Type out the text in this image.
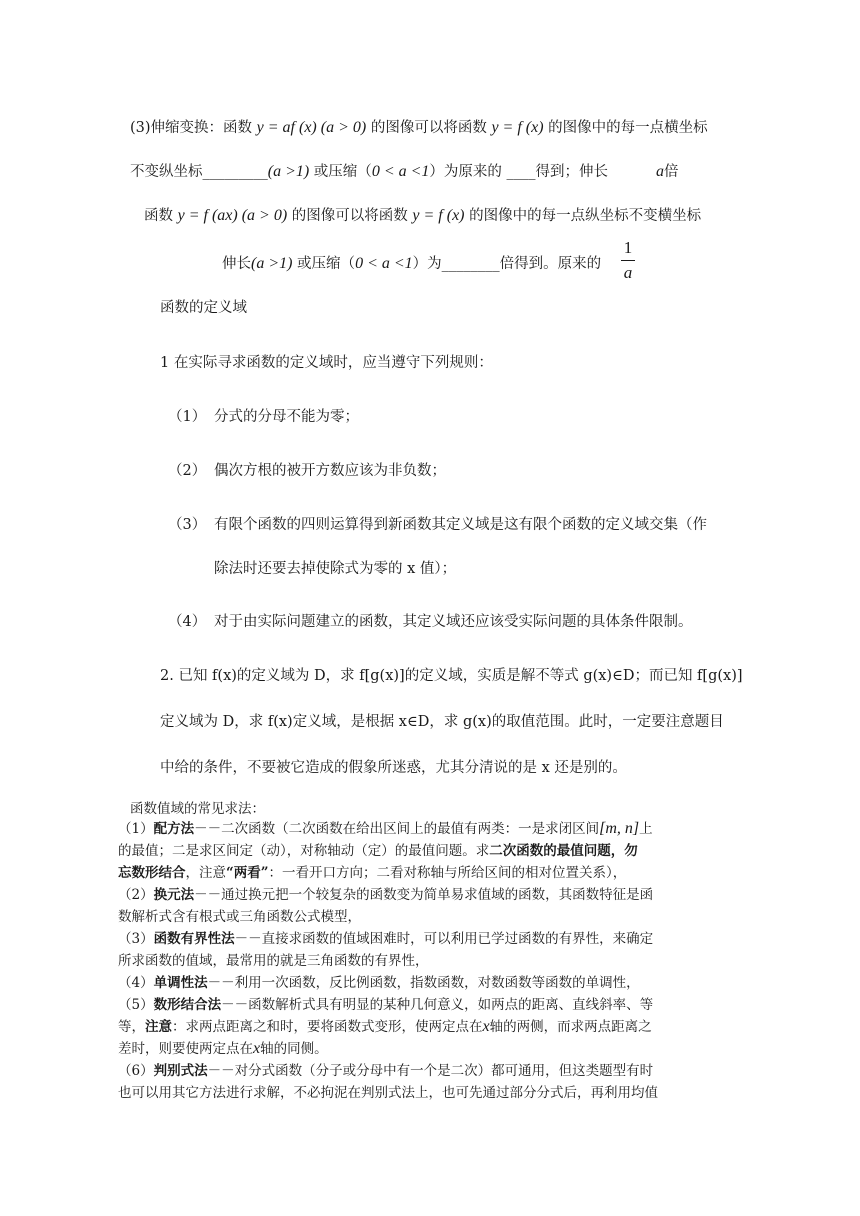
(3)伸缩变换：函数 y = af (x) (a > 0) 的图像可以将函数 y = f (x) 的图像中的每一点横坐标
不变纵坐标_________(a >1) 或压缩（0 < a <1）为原来的 ____得到；伸长	a倍
函数 y = f (ax) (a > 0) 的图像可以将函数 y = f (x) 的图像中的每一点纵坐标不变横坐标
伸长(a >1) 或压缩（0 < a <1）为________倍得到。原来的
1
a
函数的定义域
1 在实际寻求函数的定义域时，应当遵守下列规则：
（1） 分式的分母不能为零；
（2） 偶次方根的被开方数应该为非负数；
（3） 有限个函数的四则运算得到新函数其定义域是这有限个函数的定义域交集（作
除法时还要去掉使除式为零的 x 值）；
（4） 对于由实际问题建立的函数，其定义域还应该受实际问题的具体条件限制。
2. 已知 f(x)的定义域为 D，求 f[g(x)]的定义域，实质是解不等式 g(x)∈D；而已知 f[g(x)]
定义域为 D，求 f(x)定义域，是根据 x∈D，求 g(x)的取值范围。此时，一定要注意题目
中给的条件，不要被它造成的假象所迷惑，尤其分清说的是 x 还是别的。
函数值域的常见求法：
（1）配方法－－二次函数（二次函数在给出区间上的最值有两类：一是求闭区间[m, n]上
的最值；二是求区间定（动），对称轴动（定）的最值问题。求二次函数的最值问题，勿
忘数形结合，注意“两看”：一看开口方向；二看对称轴与所给区间的相对位置关系），
（2）换元法－－通过换元把一个较复杂的函数变为简单易求值域的函数，其函数特征是函
数解析式含有根式或三角函数公式模型，
（3）函数有界性法－－直接求函数的值域困难时，可以利用已学过函数的有界性，来确定
所求函数的值域，最常用的就是三角函数的有界性，
（4）单调性法－－利用一次函数，反比例函数，指数函数，对数函数等函数的单调性，
（5）数形结合法－－函数解析式具有明显的某种几何意义，如两点的距离、直线斜率、等
等，注意：求两点距离之和时，要将函数式变形，使两定点在x轴的两侧，而求两点距离之
差时，则要使两定点在x轴的同侧。
（6）判别式法－－对分式函数（分子或分母中有一个是二次）都可通用，但这类题型有时
也可以用其它方法进行求解，不必拘泥在判别式法上，也可先通过部分分式后，再利用均值
